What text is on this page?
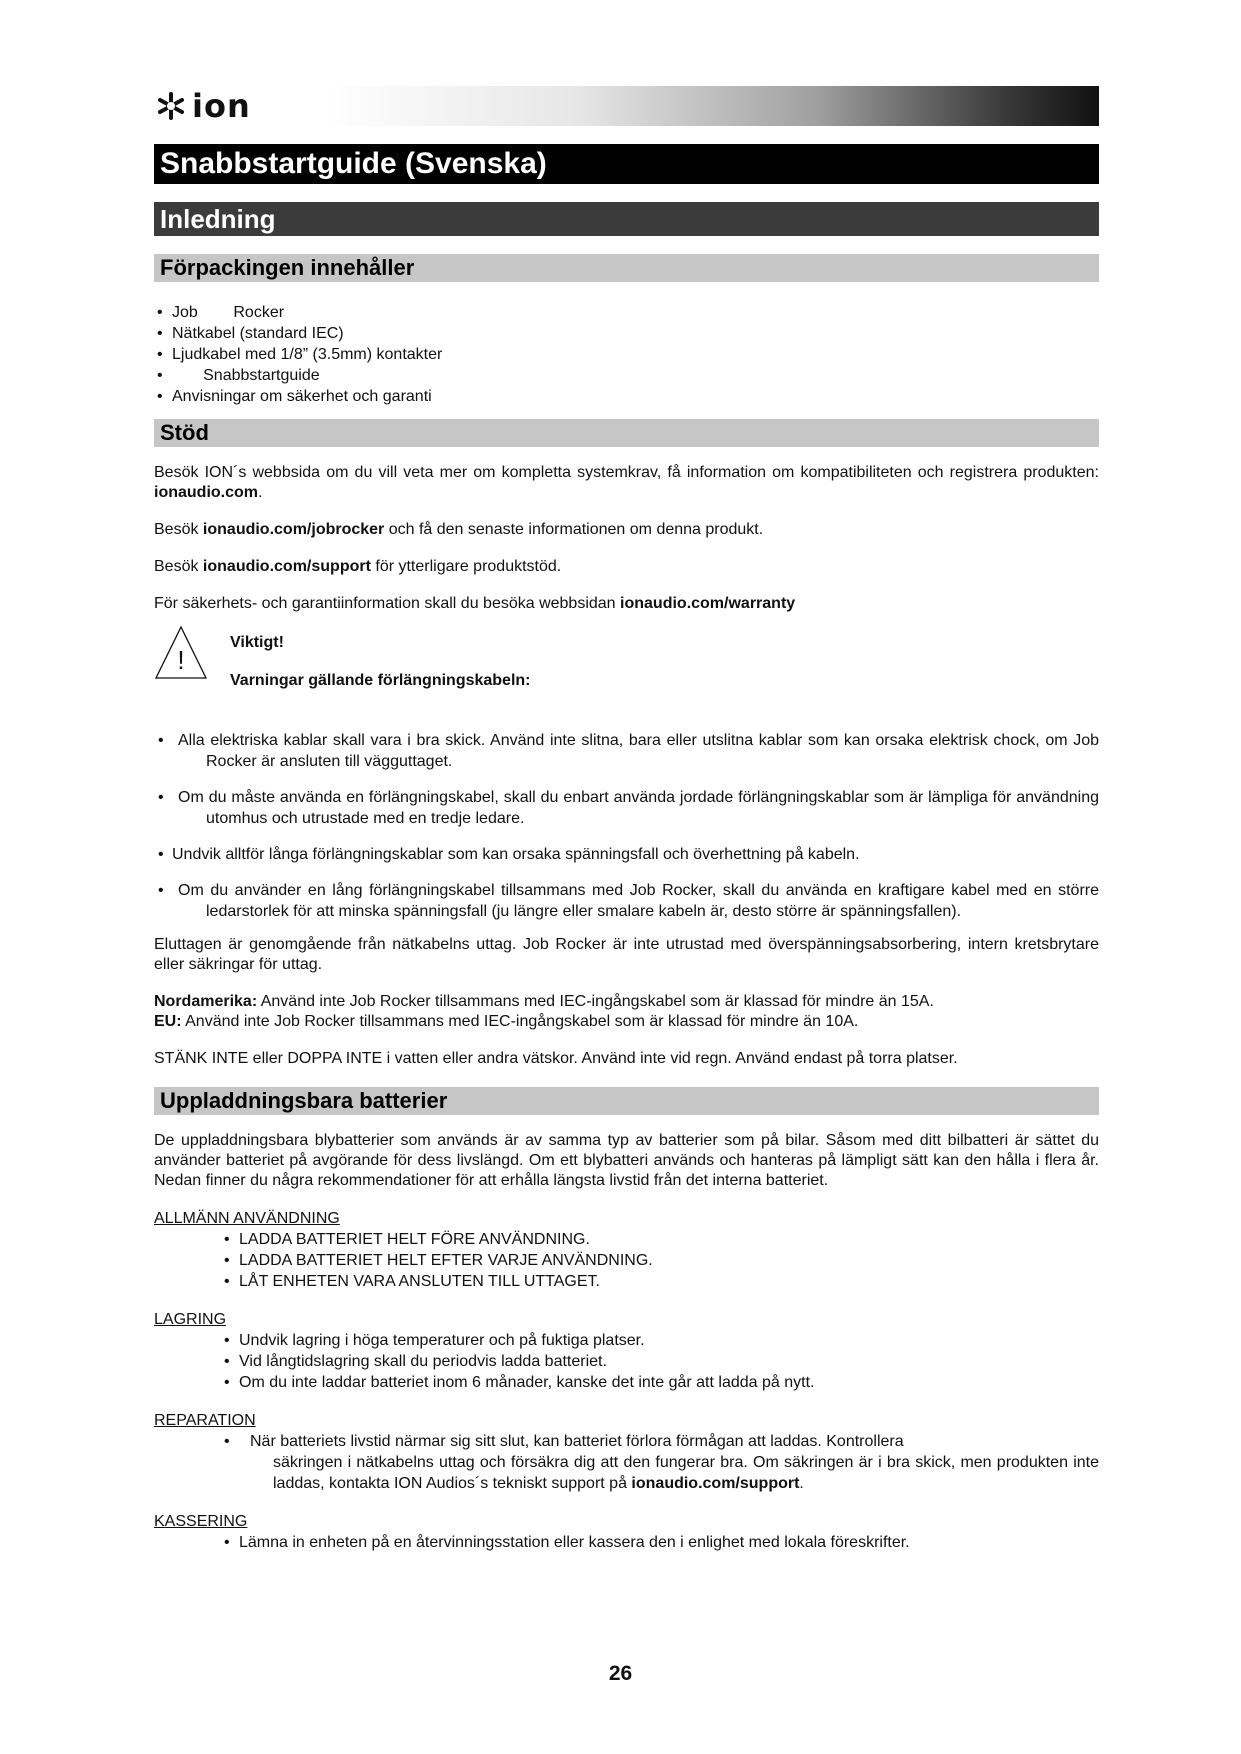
ion
Snabbstartguide (Svenska)
Inledning
Förpackingen innehåller
• Job        Rocker
• Nätkabel (standard IEC)
• Ljudkabel med 1/8” (3.5mm) kontakter
•        Snabbstartguide
• Anvisningar om säkerhet och garanti
Stöd

Besök ION´s webbsida om du vill veta mer om kompletta systemkrav, få information om kompatibiliteten och registrera produkten: ionaudio.com.

Besök ionaudio.com/jobrocker och få den senaste informationen om denna produkt.

Besök ionaudio.com/support för ytterligare produktstöd.

För säkerhets- och garantiinformation skall du besöka webbsidan ionaudio.com/warranty

!
Viktigt!
Varningar gällande förlängningskabeln:
• Alla elektriska kablar skall vara i bra skick. Använd inte slitna, bara eller utslitna kablar som kan orsaka elektrisk chock, om Job Rocker är ansluten till vägguttaget.
• Om du måste använda en förlängningskabel, skall du enbart använda jordade förlängningskablar som är lämpliga för användning utomhus och utrustade med en tredje ledare.
• Undvik alltför långa förlängningskablar som kan orsaka spänningsfall och överhettning på kabeln.
• Om du använder en lång förlängningskabel tillsammans med Job Rocker, skall du använda en kraftigare kabel med en större ledarstorlek för att minska spänningsfall (ju längre eller smalare kabeln är, desto större är spänningsfallen).

Eluttagen är genomgående från nätkabelns uttag. Job Rocker är inte utrustad med överspänningsabsorbering, intern kretsbrytare eller säkringar för uttag.

Nordamerika: Använd inte Job Rocker tillsammans med IEC-ingångskabel som är klassad för mindre än 15A.

EU: Använd inte Job Rocker tillsammans med IEC-ingångskabel som är klassad för mindre än 10A.

STÄNK INTE eller DOPPA INTE i vatten eller andra vätskor. Använd inte vid regn. Använd endast på torra platser.

Uppladdningsbara batterier

De uppladdningsbara blybatterier som används är av samma typ av batterier som på bilar. Såsom med ditt bilbatteri är sättet du använder batteriet på avgörande för dess livslängd. Om ett blybatteri används och hanteras på lämpligt sätt kan den hålla i flera år. Nedan finner du några rekommendationer för att erhålla längsta livstid från det interna batteriet.

ALLMÄNN ANVÄNDNING
• LADDA BATTERIET HELT FÖRE ANVÄNDNING.
• LADDA BATTERIET HELT EFTER VARJE ANVÄNDNING.
• LÅT ENHETEN VARA ANSLUTEN TILL UTTAGET.
LAGRING
• Undvik lagring i höga temperaturer och på fuktiga platser.
• Vid långtidslagring skall du periodvis ladda batteriet.
• Om du inte laddar batteriet inom 6 månader, kanske det inte går att ladda på nytt.
REPARATION
• När batteriets livstid närmar sig sitt slut, kan batteriet förlora förmågan att laddas. Kontrollera
säkringen i nätkabelns uttag och försäkra dig att den fungerar bra. Om säkringen är i bra skick, men produkten inte laddas, kontakta ION Audios´s tekniskt support på ionaudio.com/support.
KASSERING
• Lämna in enheten på en återvinningsstation eller kassera den i enlighet med lokala föreskrifter.
26
